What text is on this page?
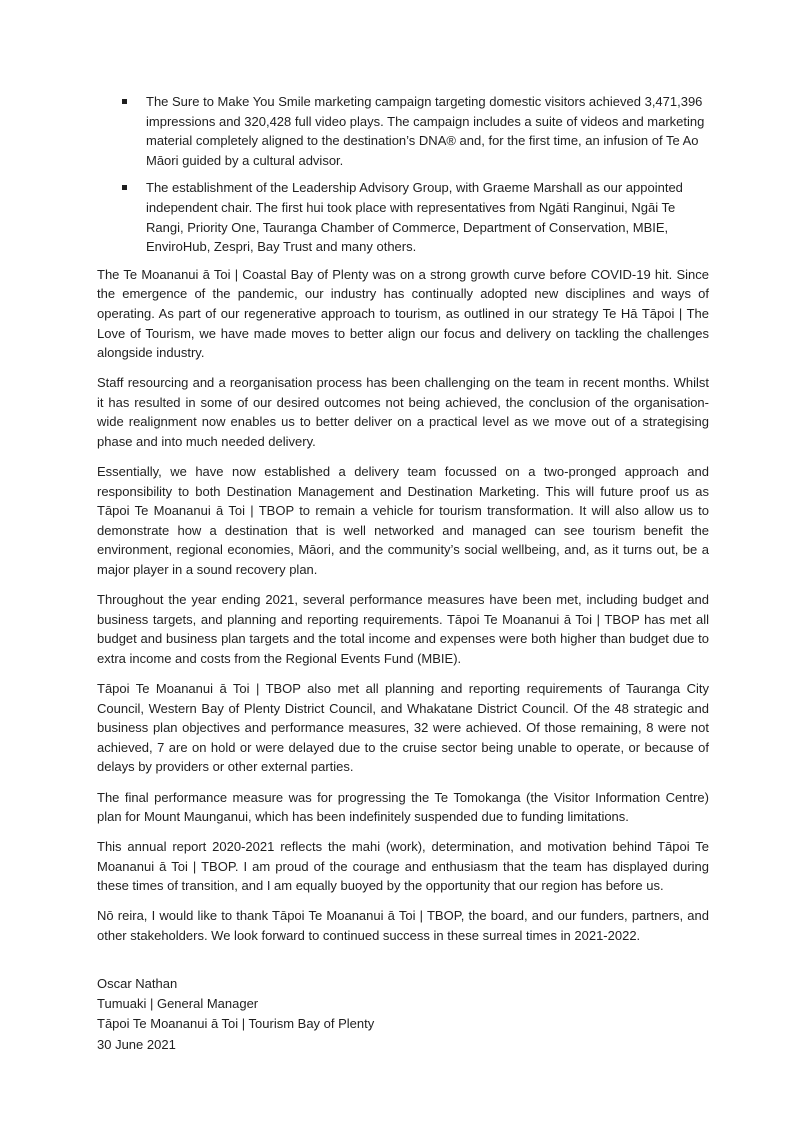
The Sure to Make You Smile marketing campaign targeting domestic visitors achieved 3,471,396 impressions and 320,428 full video plays. The campaign includes a suite of videos and marketing material completely aligned to the destination’s DNA® and, for the first time, an infusion of Te Ao Māori guided by a cultural advisor.
The establishment of the Leadership Advisory Group, with Graeme Marshall as our appointed independent chair. The first hui took place with representatives from Ngāti Ranginui, Ngāi Te Rangi, Priority One, Tauranga Chamber of Commerce, Department of Conservation, MBIE, EnviroHub, Zespri, Bay Trust and many others.

The Te Moananui ā Toi | Coastal Bay of Plenty was on a strong growth curve before COVID-19 hit. Since the emergence of the pandemic, our industry has continually adopted new disciplines and ways of operating. As part of our regenerative approach to tourism, as outlined in our strategy Te Hā Tāpoi | The Love of Tourism, we have made moves to better align our focus and delivery on tackling the challenges alongside industry.

Staff resourcing and a reorganisation process has been challenging on the team in recent months. Whilst it has resulted in some of our desired outcomes not being achieved, the conclusion of the organisation-wide realignment now enables us to better deliver on a practical level as we move out of a strategising phase and into much needed delivery.

Essentially, we have now established a delivery team focussed on a two-pronged approach and responsibility to both Destination Management and Destination Marketing. This will future proof us as Tāpoi Te Moananui ā Toi | TBOP to remain a vehicle for tourism transformation. It will also allow us to demonstrate how a destination that is well networked and managed can see tourism benefit the environment, regional economies, Māori, and the community’s social wellbeing, and, as it turns out, be a major player in a sound recovery plan.

Throughout the year ending 2021, several performance measures have been met, including budget and business targets, and planning and reporting requirements. Tāpoi Te Moananui ā Toi | TBOP has met all budget and business plan targets and the total income and expenses were both higher than budget due to extra income and costs from the Regional Events Fund (MBIE).

Tāpoi Te Moananui ā Toi | TBOP also met all planning and reporting requirements of Tauranga City Council, Western Bay of Plenty District Council, and Whakatane District Council. Of the 48 strategic and business plan objectives and performance measures, 32 were achieved. Of those remaining, 8 were not achieved, 7 are on hold or were delayed due to the cruise sector being unable to operate, or because of delays by providers or other external parties.

The final performance measure was for progressing the Te Tomokanga (the Visitor Information Centre) plan for Mount Maunganui, which has been indefinitely suspended due to funding limitations.

This annual report 2020-2021 reflects the mahi (work), determination, and motivation behind Tāpoi Te Moananui ā Toi | TBOP. I am proud of the courage and enthusiasm that the team has displayed during these times of transition, and I am equally buoyed by the opportunity that our region has before us.

Nō reira, I would like to thank Tāpoi Te Moananui ā Toi | TBOP, the board, and our funders, partners, and other stakeholders. We look forward to continued success in these surreal times in 2021-2022.

Oscar Nathan
Tumuaki | General Manager
Tāpoi Te Moananui ā Toi | Tourism Bay of Plenty
30 June 2021
